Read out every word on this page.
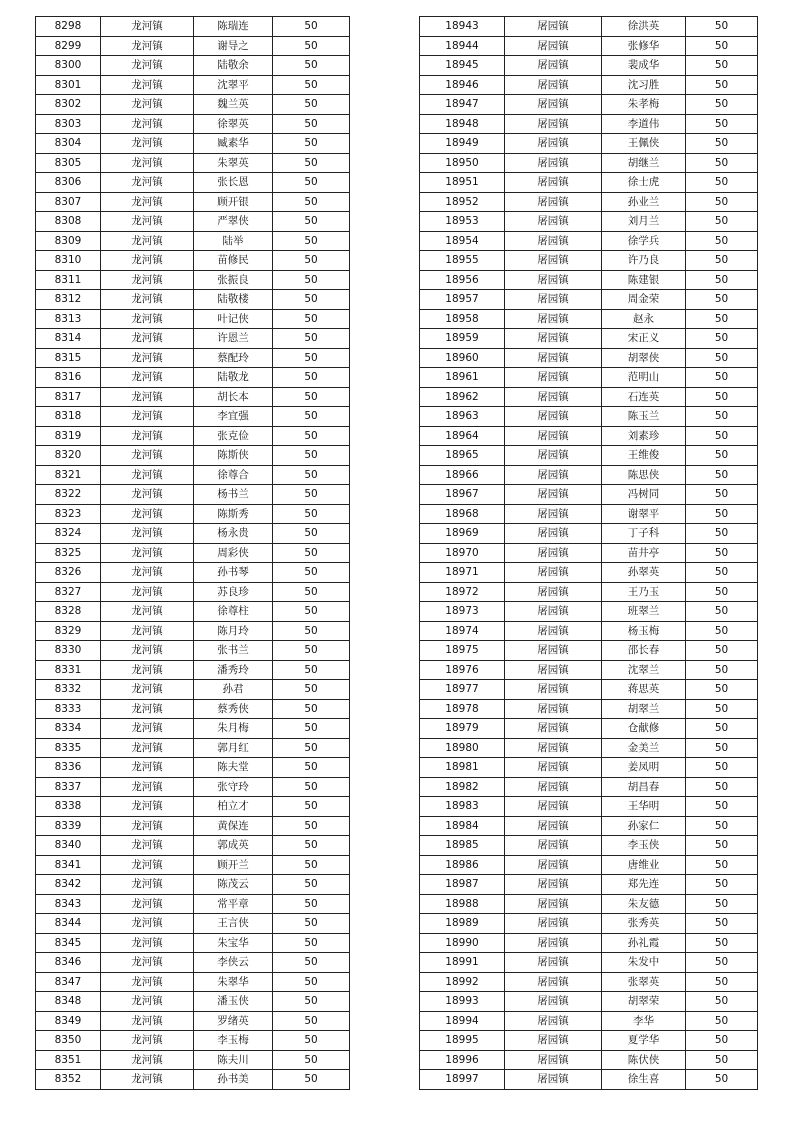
8298	龙河镇	陈瑞连	50
8299	龙河镇	谢导之	50
8300	龙河镇	陆敬余	50
8301	龙河镇	沈翠平	50
8302	龙河镇	魏兰英	50
8303	龙河镇	徐翠英	50
8304	龙河镇	臧素华	50
8305	龙河镇	朱翠英	50
8306	龙河镇	张长恩	50
8307	龙河镇	顾开银	50
8308	龙河镇	严翠侠	50
8309	龙河镇	陆举	50
8310	龙河镇	苗修民	50
8311	龙河镇	张振良	50
8312	龙河镇	陆敬楼	50
8313	龙河镇	叶记侠	50
8314	龙河镇	许恩兰	50
8315	龙河镇	蔡配玲	50
8316	龙河镇	陆敬龙	50
8317	龙河镇	胡长本	50
8318	龙河镇	李宜强	50
8319	龙河镇	张克俭	50
8320	龙河镇	陈斯侠	50
8321	龙河镇	徐尊合	50
8322	龙河镇	杨书兰	50
8323	龙河镇	陈斯秀	50
8324	龙河镇	杨永贵	50
8325	龙河镇	周彩侠	50
8326	龙河镇	孙书琴	50
8327	龙河镇	苏良珍	50
8328	龙河镇	徐尊柱	50
8329	龙河镇	陈月玲	50
8330	龙河镇	张书兰	50
8331	龙河镇	潘秀玲	50
8332	龙河镇	孙君	50
8333	龙河镇	蔡秀侠	50
8334	龙河镇	朱月梅	50
8335	龙河镇	郭月红	50
8336	龙河镇	陈夫堂	50
8337	龙河镇	张守玲	50
8338	龙河镇	柏立才	50
8339	龙河镇	黄保连	50
8340	龙河镇	郭成英	50
8341	龙河镇	顾开兰	50
8342	龙河镇	陈茂云	50
8343	龙河镇	常平章	50
8344	龙河镇	王言侠	50
8345	龙河镇	朱宝华	50
8346	龙河镇	李侠云	50
8347	龙河镇	朱翠华	50
8348	龙河镇	潘玉侠	50
8349	龙河镇	罗绪英	50
8350	龙河镇	李玉梅	50
8351	龙河镇	陈夫川	50
8352	龙河镇	孙书美	50
18943	屠园镇	徐洪英	50
18944	屠园镇	张修华	50
18945	屠园镇	裴成华	50
18946	屠园镇	沈习胜	50
18947	屠园镇	朱孝梅	50
18948	屠园镇	李道伟	50
18949	屠园镇	王佩侠	50
18950	屠园镇	胡继兰	50
18951	屠园镇	徐士虎	50
18952	屠园镇	孙业兰	50
18953	屠园镇	刘月兰	50
18954	屠园镇	徐学兵	50
18955	屠园镇	许乃良	50
18956	屠园镇	陈建银	50
18957	屠园镇	周金荣	50
18958	屠园镇	赵永	50
18959	屠园镇	宋正义	50
18960	屠园镇	胡翠侠	50
18961	屠园镇	范明山	50
18962	屠园镇	石连英	50
18963	屠园镇	陈玉兰	50
18964	屠园镇	刘素珍	50
18965	屠园镇	王维俊	50
18966	屠园镇	陈思侠	50
18967	屠园镇	冯树同	50
18968	屠园镇	谢翠平	50
18969	屠园镇	丁子科	50
18970	屠园镇	苗井亭	50
18971	屠园镇	孙翠英	50
18972	屠园镇	王乃玉	50
18973	屠园镇	班翠兰	50
18974	屠园镇	杨玉梅	50
18975	屠园镇	邵长春	50
18976	屠园镇	沈翠兰	50
18977	屠园镇	蒋思英	50
18978	屠园镇	胡翠兰	50
18979	屠园镇	仓献修	50
18980	屠园镇	金美兰	50
18981	屠园镇	姜凤明	50
18982	屠园镇	胡昌春	50
18983	屠园镇	王华明	50
18984	屠园镇	孙家仁	50
18985	屠园镇	李玉侠	50
18986	屠园镇	唐维业	50
18987	屠园镇	郑先连	50
18988	屠园镇	朱友德	50
18989	屠园镇	张秀英	50
18990	屠园镇	孙礼霞	50
18991	屠园镇	朱发中	50
18992	屠园镇	张翠英	50
18993	屠园镇	胡翠荣	50
18994	屠园镇	李华	50
18995	屠园镇	夏学华	50
18996	屠园镇	陈伏侠	50
18997	屠园镇	徐生喜	50
